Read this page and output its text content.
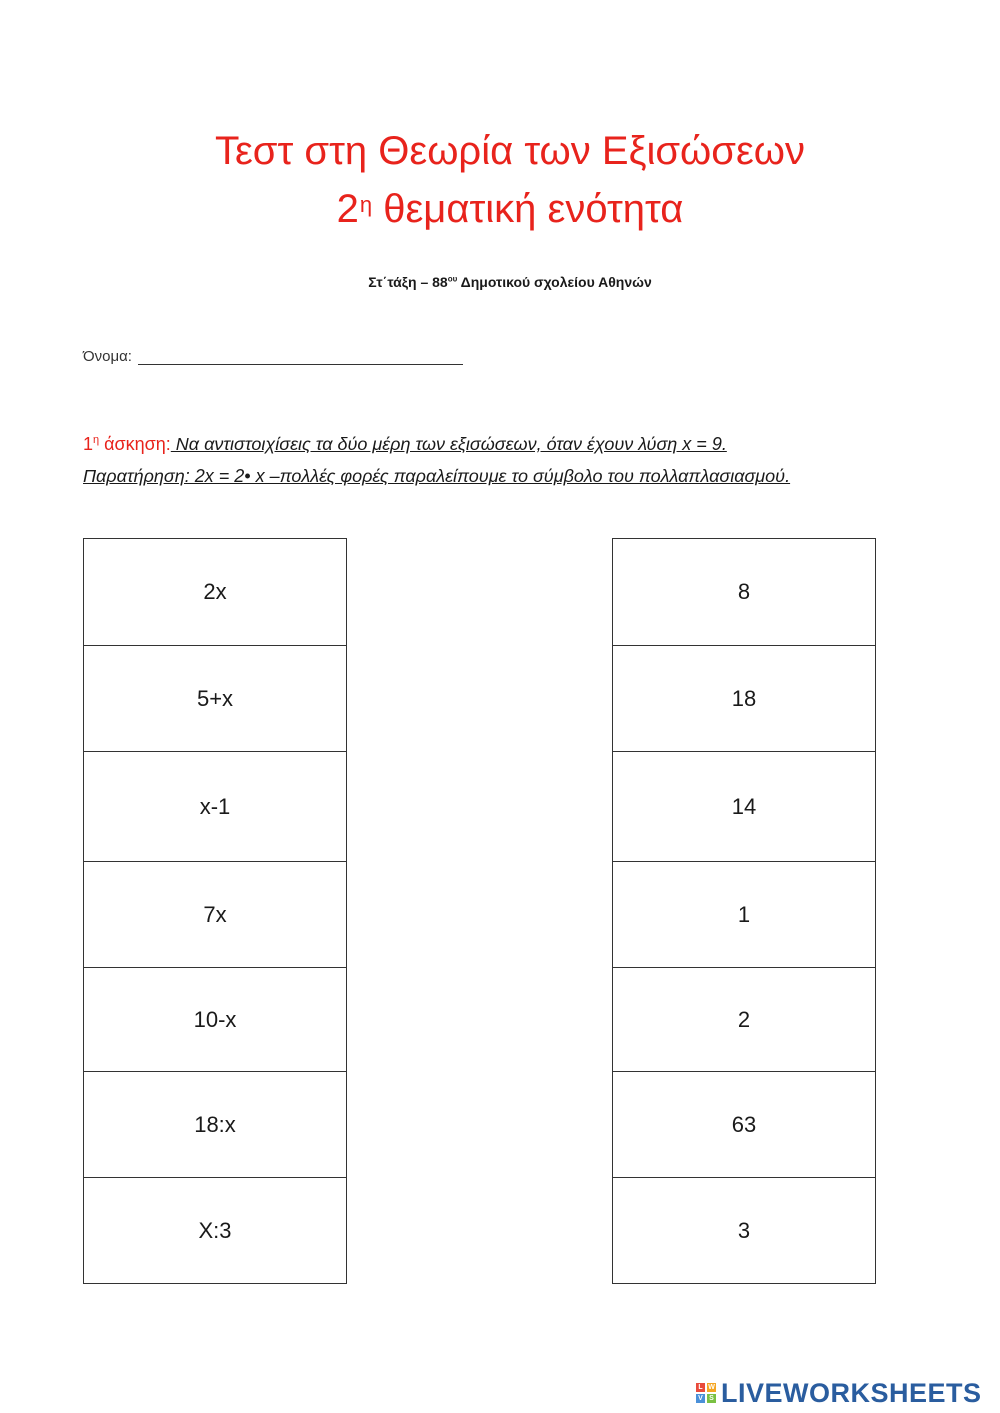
Τεστ στη Θεωρία των Εξισώσεων
$2^\eta$ θεματική ενότητα
$\Sigma\tau΄\tau ά\xi\eta - 88^{o\upsilon}$ Δημοτικού σχολείου Αθηνών
Όνομα:
$1^\eta$ άσκηση: Να αντιστοιχίσεις τα δύο μέρη των εξισώσεων, όταν έχουν λύση x = 9.
Παρατήρηση: 2x = 2• x –πολλές φορές παραλείπουμε το σύμβολο του πολλαπλασιασμού.
2x
5+x
x-1
7x
10-x
18:x
X:3
8
18
14
1
2
63
3
L W
V S LIVEWORKSHEETS
